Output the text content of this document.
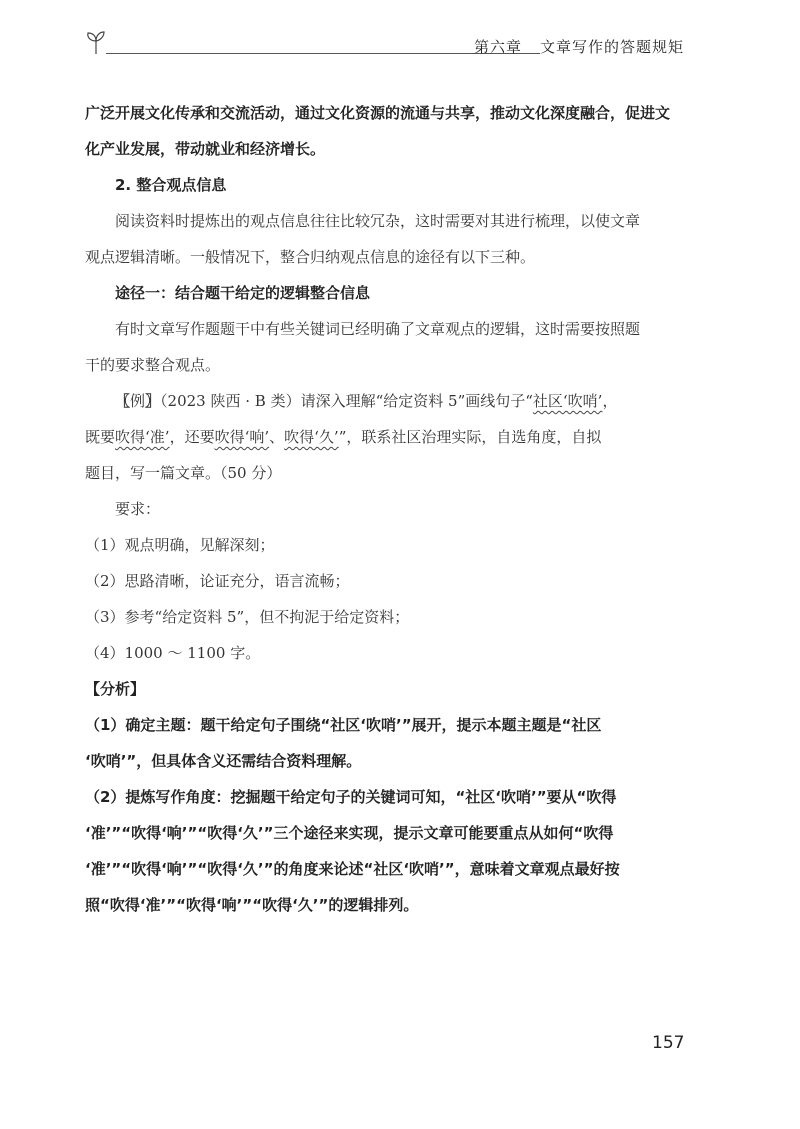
第六章 文章写作的答题规矩

广泛开展文化传承和交流活动，通过文化资源的流通与共享，推动文化深度融合，促进文

化产业发展，带动就业和经济增长。

2. 整合观点信息

阅读资料时提炼出的观点信息往往比较冗杂，这时需要对其进行梳理，以使文章

观点逻辑清晰。一般情况下，整合归纳观点信息的途径有以下三种。

途径一：结合题干给定的逻辑整合信息

有时文章写作题题干中有些关键词已经明确了文章观点的逻辑，这时需要按照题

干的要求整合观点。

〖例〗（2023 陕西 · B 类）请深入理解“给定资料 5”画线句子“社区‘吹哨’，

既要吹得‘准’，还要吹得‘响’、吹得‘久’”，联系社区治理实际，自选角度，自拟

题目，写一篇文章。（50 分）

要求：

（1）观点明确，见解深刻；

（2）思路清晰，论证充分，语言流畅；

（3）参考“给定资料 5”，但不拘泥于给定资料；

（4）1000 ～ 1100 字。

【分析】

（1）确定主题：题干给定句子围绕“社区‘吹哨’”展开，提示本题主题是“社区

‘吹哨’”，但具体含义还需结合资料理解。

（2）提炼写作角度：挖掘题干给定句子的关键词可知，“社区‘吹哨’”要从“吹得

‘准’”“吹得‘响’”“吹得‘久’”三个途径来实现，提示文章可能要重点从如何“吹得

‘准’”“吹得‘响’”“吹得‘久’”的角度来论述“社区‘吹哨’”，意味着文章观点最好按

照“吹得‘准’”“吹得‘响’”“吹得‘久’”的逻辑排列。

157
